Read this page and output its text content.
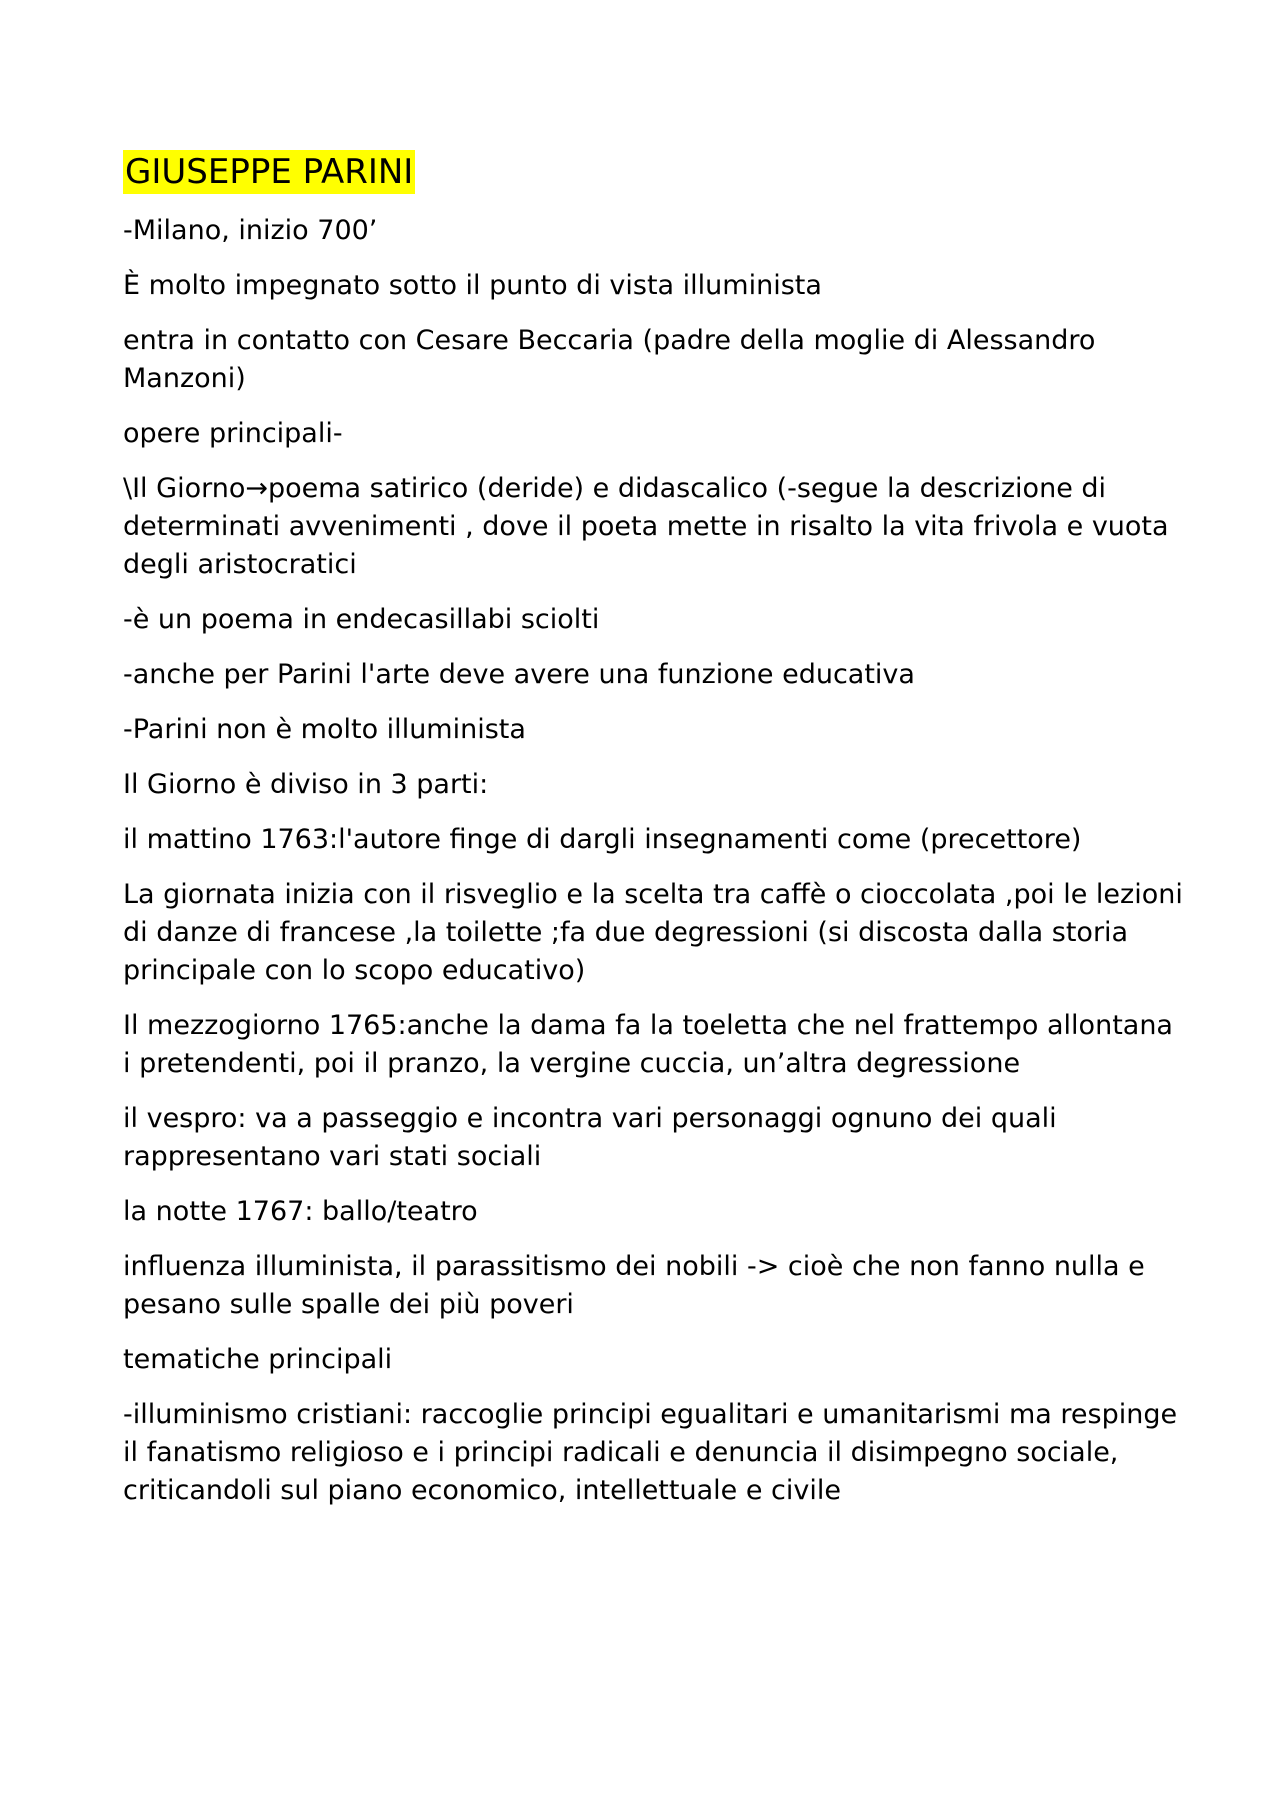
GIUSEPPE PARINI

-Milano, inizio 700’

È molto impegnato sotto il punto di vista illuminista

entra in contatto con Cesare Beccaria (padre della moglie di Alessandro Manzoni)

opere principali-

\Il Giorno→poema satirico (deride) e didascalico (-segue la descrizione di determinati avvenimenti , dove il poeta mette in risalto la vita frivola e vuota degli aristocratici

-è un poema in endecasillabi sciolti

-anche per Parini l'arte deve avere una funzione educativa

-Parini non è molto illuminista

Il Giorno è diviso in 3 parti:

il mattino 1763:l'autore finge di dargli insegnamenti come (precettore)

La giornata inizia con il risveglio e la scelta tra caffè o cioccolata ,poi le lezioni di danze di francese ,la toilette ;fa due degressioni (si discosta dalla storia principale con lo scopo educativo)

Il mezzogiorno 1765:anche la dama fa la toeletta che nel frattempo allontana i pretendenti, poi il pranzo, la vergine cuccia, un’altra degressione

il vespro: va a passeggio e incontra vari personaggi ognuno dei quali rappresentano vari stati sociali

la notte 1767: ballo/teatro

influenza illuminista, il parassitismo dei nobili -> cioè che non fanno nulla e pesano sulle spalle dei più poveri

tematiche principali

-illuminismo cristiani: raccoglie principi egualitari e umanitarismi ma respinge il fanatismo religioso e i principi radicali e denuncia il disimpegno sociale, criticandoli sul piano economico, intellettuale e civile
